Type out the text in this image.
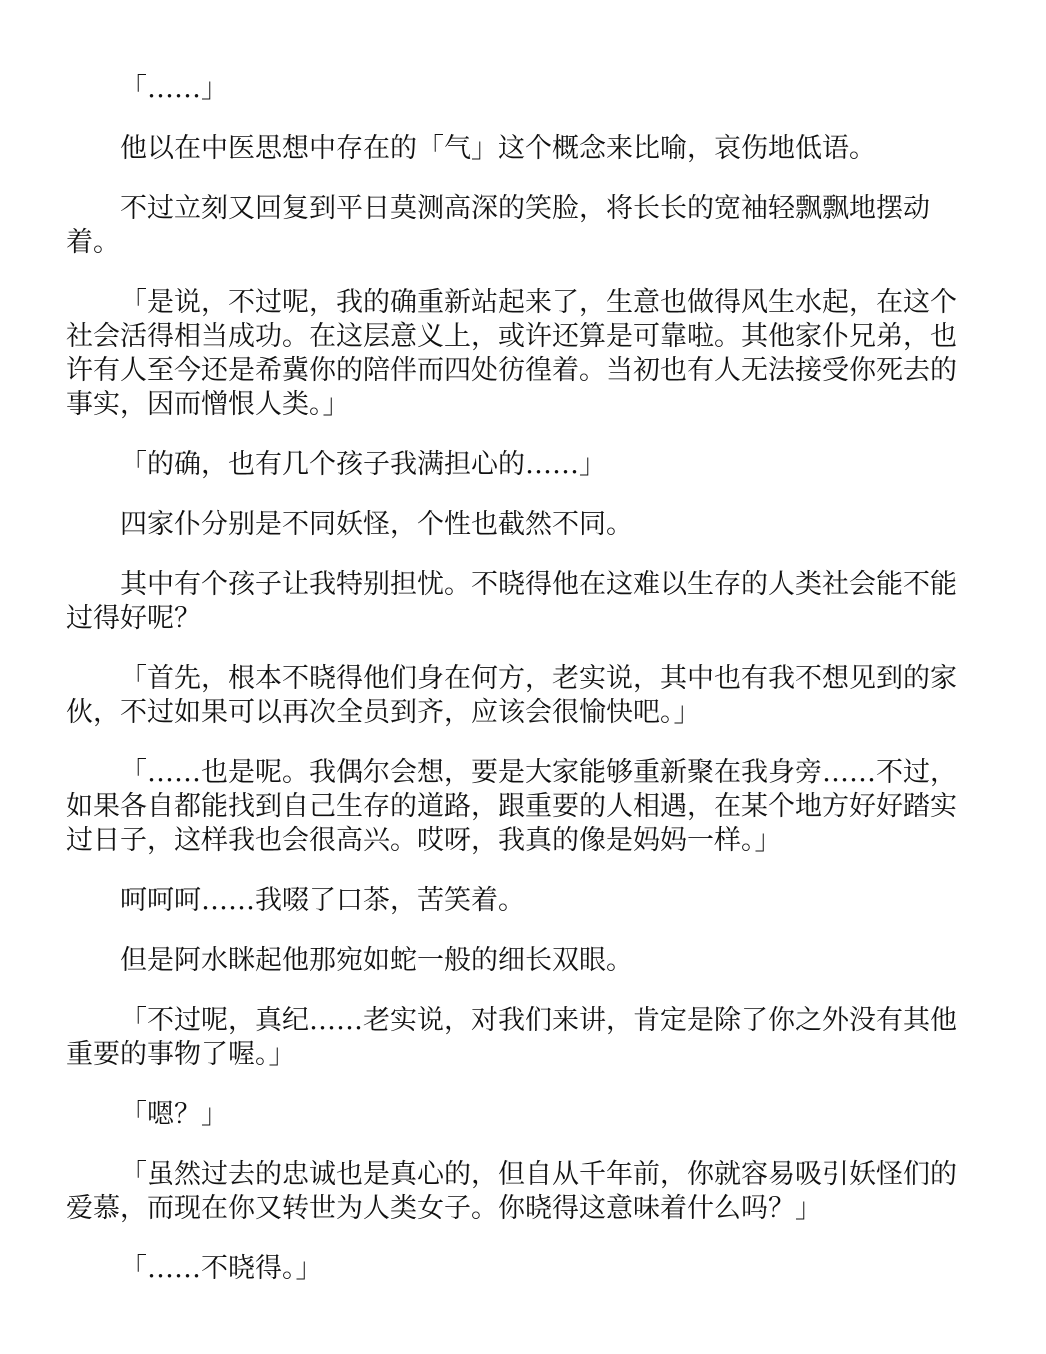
「……」

他以在中医思想中存在的「气」这个概念来比喻，哀伤地低语。

不过立刻又回复到平日莫测高深的笑脸，将长长的宽袖轻飘飘地摆动着。

「是说，不过呢，我的确重新站起来了，生意也做得风生水起，在这个社会活得相当成功。在这层意义上，或许还算是可靠啦。其他家仆兄弟，也许有人至今还是希冀你的陪伴而四处彷徨着。当初也有人无法接受你死去的事实，因而憎恨人类。」

「的确，也有几个孩子我满担心的……」

四家仆分别是不同妖怪，个性也截然不同。

其中有个孩子让我特别担忧。不晓得他在这难以生存的人类社会能不能过得好呢？

「首先，根本不晓得他们身在何方，老实说，其中也有我不想见到的家伙，不过如果可以再次全员到齐，应该会很愉快吧。」

「……也是呢。我偶尔会想，要是大家能够重新聚在我身旁……不过，如果各自都能找到自己生存的道路，跟重要的人相遇，在某个地方好好踏实过日子，这样我也会很高兴。哎呀，我真的像是妈妈一样。」

呵呵呵……我啜了口茶，苦笑着。

但是阿水眯起他那宛如蛇一般的细长双眼。

「不过呢，真纪……老实说，对我们来讲，肯定是除了你之外没有其他重要的事物了喔。」

「嗯？」

「虽然过去的忠诚也是真心的，但自从千年前，你就容易吸引妖怪们的爱慕，而现在你又转世为人类女子。你晓得这意味着什么吗？」

「……不晓得。」
